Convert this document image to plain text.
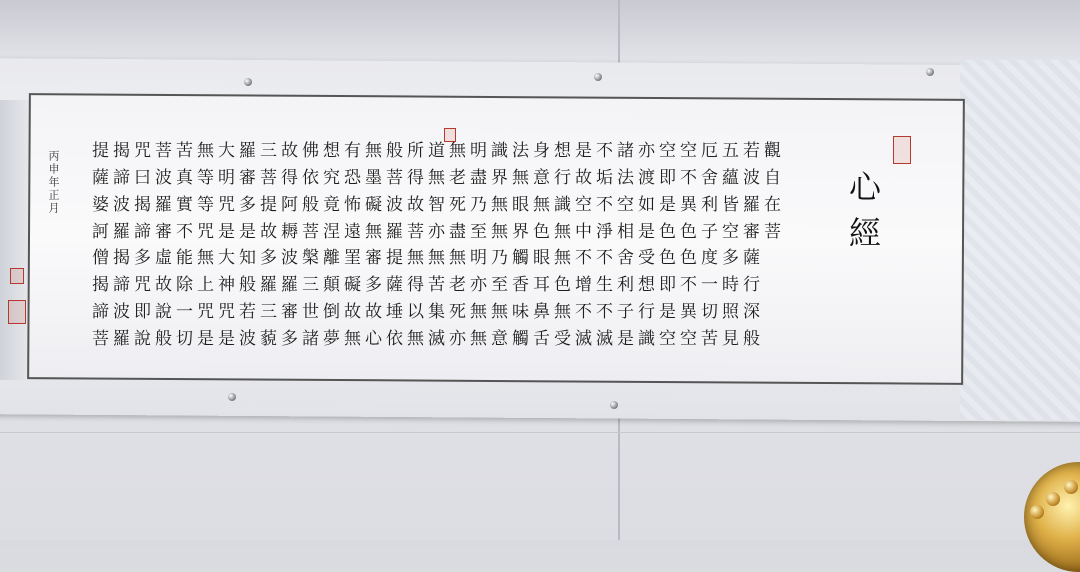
提揭咒菩苦無大羅三故佛想有無般所道無明識法身想是不諸亦空空厄五若觀
薩諦曰波真等明審菩得依究恐墨菩得無老盡界無意行故垢法渡即不舍蘊波自
婆波揭羅實等咒多提阿般竟怖礙波故智死乃無眼無識空不空如是異利皆羅在
訶羅諦審不咒是是故耨菩涅遠無羅菩亦盡至無界色無中淨相是色色子空審菩
僧揭多虛能無大知多波槃離罣審提無無無明乃觸眼無不不舍受色色度多薩
揭諦咒故除上神般羅羅三顛礙多薩得苦老亦至香耳色增生利想即不一時行
諦波即說一咒咒若三審世倒故故埵以集死無無味鼻無不不子行是異切照深
菩羅說般切是是波藐多諸夢無心依無滅亦無意觸舌受滅滅是識空空苦見般
心
經
丙申年正月
